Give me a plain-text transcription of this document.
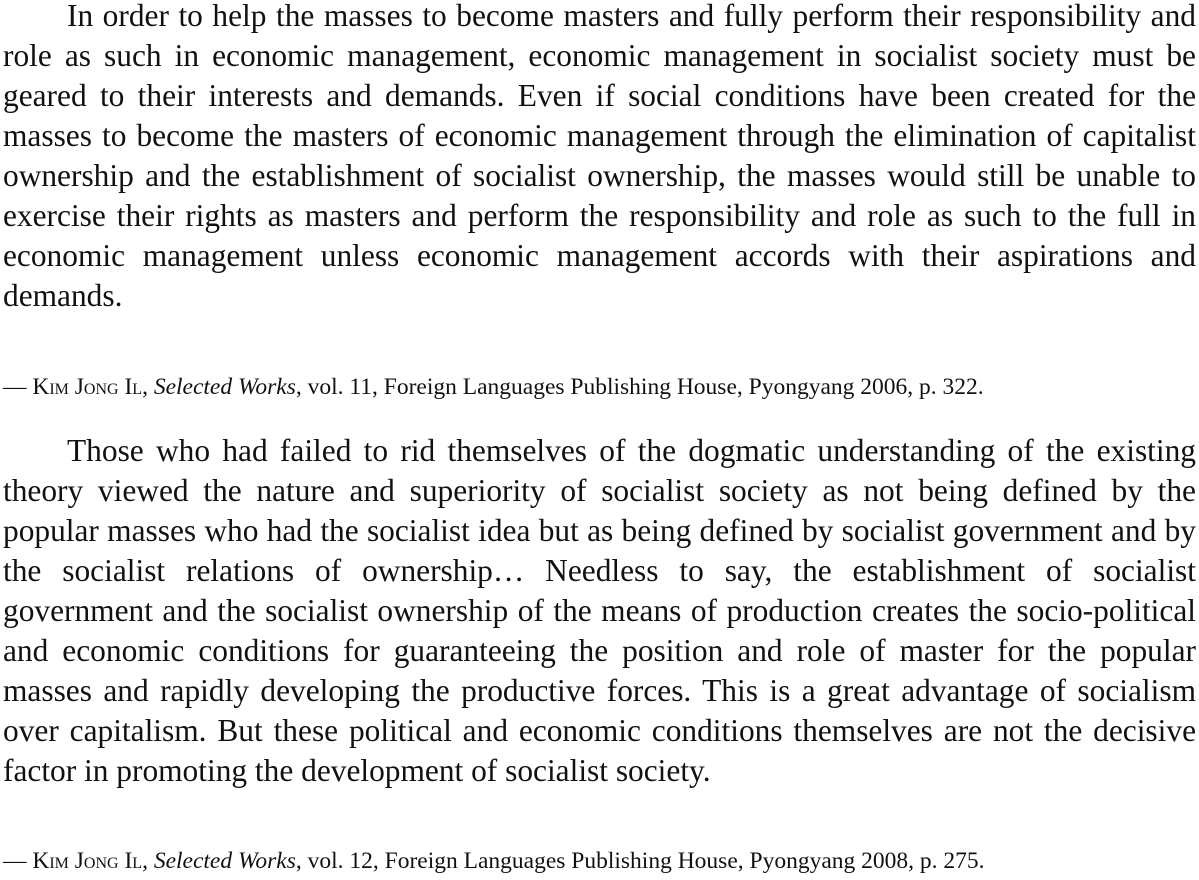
In order to help the masses to become masters and fully perform their responsibility and role as such in economic management, economic management in socialist society must be geared to their interests and demands. Even if social conditions have been created for the masses to become the masters of economic management through the elimination of capitalist ownership and the establishment of socialist ownership, the masses would still be unable to exercise their rights as masters and perform the responsibility and role as such to the full in economic management unless economic management accords with their aspirations and demands.

— Kim Jong Il, Selected Works, vol. 11, Foreign Languages Publishing House, Pyongyang 2006, p. 322.

Those who had failed to rid themselves of the dogmatic understanding of the existing theory viewed the nature and superiority of socialist society as not being defined by the popular masses who had the socialist idea but as being defined by socialist government and by the socialist relations of ownership… Needless to say, the establishment of socialist government and the socialist ownership of the means of production creates the socio-political and economic conditions for guaranteeing the position and role of master for the popular masses and rapidly developing the productive forces. This is a great advantage of socialism over capitalism. But these political and economic conditions themselves are not the decisive factor in promoting the development of socialist society.

— Kim Jong Il, Selected Works, vol. 12, Foreign Languages Publishing House, Pyongyang 2008, p. 275.
